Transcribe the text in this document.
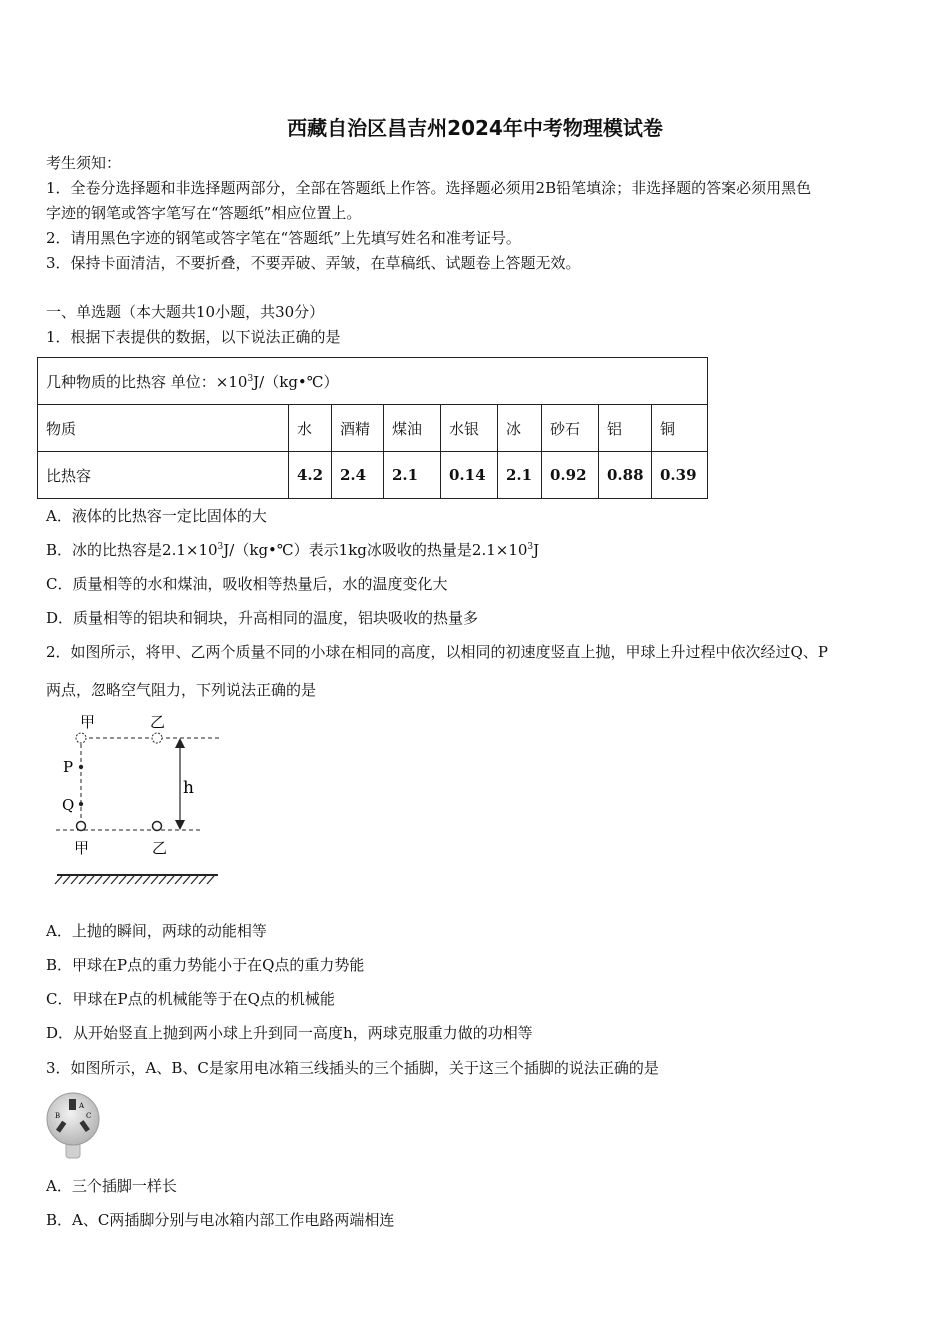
西藏自治区昌吉州2024年中考物理模试卷
考生须知：
1．全卷分选择题和非选择题两部分，全部在答题纸上作答。选择题必须用2B铅笔填涂；非选择题的答案必须用黑色
字迹的钢笔或答字笔写在“答题纸”相应位置上。
2．请用黑色字迹的钢笔或答字笔在“答题纸”上先填写姓名和准考证号。
3．保持卡面清洁，不要折叠，不要弄破、弄皱，在草稿纸、试题卷上答题无效。
一、单选题（本大题共10小题，共30分）
1．根据下表提供的数据，以下说法正确的是
几种物质的比热容 单位：$\times 10^3J/(kg•℃)$								
物质	水	酒精	煤油	水银	冰	砂石	铝	铜
比热容	4.2	2.4	2.1	0.14	2.1	0.92	0.88	0.39
A．液体的比热容一定比固体的大
B．冰的比热容是$2.1\times 10^3J/(kg•℃)$表示1kg冰吸收的热量是$2.1\times 10^3J$
C．质量相等的水和煤油，吸收相等热量后，水的温度变化大
D．质量相等的铝块和铜块，升高相同的温度，铝块吸收的热量多
2．如图所示，将甲、乙两个质量不同的小球在相同的高度，以相同的初速度竖直上抛，甲球上升过程中依次经过Q、P
两点，忽略空气阻力，下列说法正确的是
甲	乙
P
Q
h
甲	乙
A．上抛的瞬间，两球的动能相等
B．甲球在P点的重力势能小于在Q点的重力势能
C．甲球在P点的机械能等于在Q点的机械能
D．从开始竖直上抛到两小球上升到同一高度h，两球克服重力做的功相等
3．如图所示，A、B、C是家用电冰箱三线插头的三个插脚，关于这三个插脚的说法正确的是
A
B	C
A．三个插脚一样长
B．A、C两插脚分别与电冰箱内部工作电路两端相连
